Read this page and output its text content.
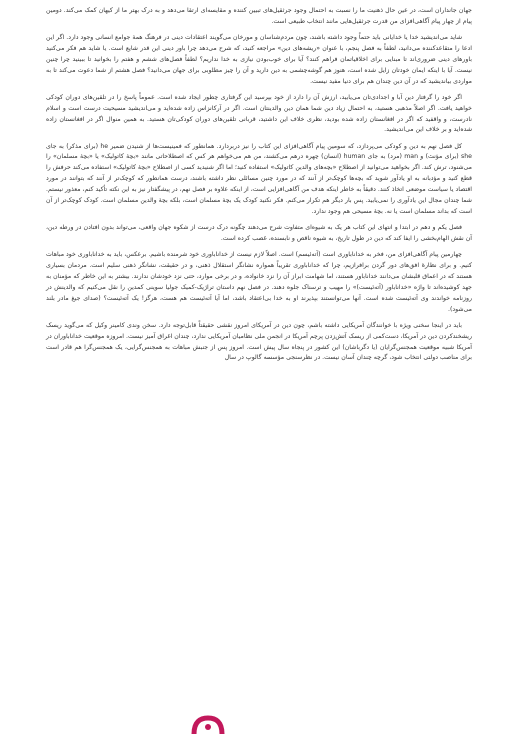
جهان جانداران است، در عین حال ذهنیت ما را نسبت به احتمال وجود جرثقیل‌های تبیین کننده و مقایسه‌ای ارتقا می‌دهد و به درک بهتر ما از کیهان کمک می‌کند. دومین پیام از چهار پیام آگاهی‌افزای من قدرت جرثقیل‌هایی مانند انتخاب طبیعی است.

شاید می‌اندیشید خدا یا خدایانی باید حتماً وجود داشته باشند، چون مردم‌شناسان و مورخان می‌گویند اعتقادات دینی در فرهنگ همهٔ جوامع انسانی وجود دارد. اگر این ادعا را متقاعدکننده می‌دانید، لطفاً به فصل پنجم، با عنوان «ریشه‌های دین» مراجعه کنید، که شرح می‌دهد چرا باور دینی این قدر شایع است. یا شاید هم فکر می‌کنید باورهای دینی ضروری‌اند تا مبنایی برای اخلاقیاتمان فراهم کنند؟ آیا برای خوب‌بودن نیازی به خدا نداریم؟ لطفاً فصل‌های ششم و هفتم را بخوانید تا ببینید چرا چنین نیست. آیا با اینکه ایمان خودتان زایل شده است، هنوز هم گوشه‌چشمی به دین دارید و آن را چیز مطلوبی برای جهان می‌دانید؟ فصل هشتم از شما دعوت می‌کند تا به مواردی بیاندیشید که در آن دین چندان هم برای دنیا مفید نیست.

اگر خود را گرفتار دین آبا و اجدادی‌تان می‌یابید، ارزش آن را دارد از خود بپرسید این گرفتاری چطور ایجاد شده است. عموماً پاسخ را در تلقین‌های دوران کودکی خواهید یافت. اگر اصلاً مذهبی هستید، به احتمال زیاد دین شما همان دین والدینتان است. اگر در آرکانزاس زاده شده‌اید و می‌اندیشید مسیحیت درست است و اسلام نادرست، و واقفید که اگر در افغانستان زاده شده بودید، نظری خلاف این داشتید، قربانی تلقین‌های دوران کودکی‌تان هستید. به همین منوال اگر در افغانستان زاده شده‌اید و بر خلاف این می‌اندیشید.

کل فصل نهم به دین و کودکی می‌پردازد، که سومین پیام آگاهی‌افزای این کتاب را نیز دربردارد. همانطور که فمینیست‌ها از شنیدن ضمیر he (برای مذکر) به جای she (برای مؤنث) و man (مرد) به جای human (انسان) چهره درهم می‌کشند، من هم می‌خواهم هر کس که اصطلاحاتی مانند «بچهٔ کاتولیک» یا «بچهٔ مسلمان» را می‌شنود، ترش کند. اگر بخواهید می‌توانید از اصطلاح «بچه‌های والدین کاتولیک» استفاده کنید؛ اما اگر شنیدید کسی از اصطلاح «بچهٔ کاتولیک» استفاده می‌کند حرفش را قطع کنید و مؤدبانه به او یادآور شوید که بچه‌ها کوچک‌تر از آنند که در مورد چنین مسائلی نظر داشته باشند، درست همانطور که کوچک‌تر از آنند که بتوانند در مورد اقتصاد یا سیاست موضعی اتخاذ کنند. دقیقاً به خاطر اینکه هدف من آگاهی‌افزایی است، از اینکه علاوه بر فصل نهم، در پیشگفتار نیز به این نکته تأکید کنم، معذور نیستم. شما چندان مجال این یادآوری را نمی‌یابید. پس بار دیگر هم تکرار می‌کنم. فکر نکنید کودک یک بچهٔ مسلمان است، بلکه بچهٔ والدین مسلمان است. کودک کوچک‌تر از آن است که بداند مسلمان است یا نه. بچهٔ مسیحی هم وجود ندارد.

فصل یکم و دهم در ابتدا و انتهای این کتاب هر یک به شیوه‌ای متفاوت شرح می‌دهند چگونه درک درست از شکوه جهان واقعی، می‌تواند بدون افتادن در ورطه دین، آن نقش الهام‌بخشی را ایفا کند که دین در طول تاریخ، به شیوه ناقص و نابسنده، غصب کرده است.

چهارمین پیام آگاهی‌افزای من، فخر به خداناباوری است (آته‌ئیسم) است. اصلاً لازم نیست از خداناباوری خود شرمنده باشیم. برعکس، باید به خداناباوری خود مباهات کنیم. و برای نظارهٔ افق‌های دور گردن برافرازیم، چرا که خداناباوری تقریباً همواره نشانگر استقلال ذهنی، و در حقیقت، نشانگر ذهنی سلیم است. مردمان بسیاری هستند که در اعماق قلبشان می‌دانند خداناباور هستند، اما شهامت ابراز آن را نزد خانواده، و در برخی موارد، حتی نزد خودشان ندارند. بیشتر به این خاطر که مؤمنان به جهد کوشیده‌اند تا واژه «خداناباور (آته‌ئیست)» را مهیب و ترسناک جلوه دهند. در فصل نهم داستان تراژیک-کمیک جولیا سوینی کمدین را نقل می‌کنیم که والدینش در روزنامه خواندند وی آته‌ئیست شده است. آنها می‌توانستند بپذیرند او به خدا بی‌اعتقاد باشد، اما آیا آته‌ئیست هم هست، هرگز! یک آته‌ئیست؟ (صدای جیغ مادر بلند می‌شود).

باید در اینجا سخنی ویژه با خوانندگان آمریکایی داشته باشم، چون دین در آمریکای امروز نقشی حقیقتاً قابل‌توجه دارد. سخن وندی کامینر وکیل که می‌گوید ریسک ریشخندکردن دین در آمریکا، دست‌کمی از ریسک آتش‌زدن پرچم آمریکا در انجمن ملی نظامیان آمریکایی ندارد، چندان اغراق آمیز نیست. امروزه موقعیت خداناباوران در آمریکا شبیه موقعیت همجنس‌گرایان (یا دگرباشان) این کشور در پنجاه سال پیش است. امروز پس از جنبش مباهات به همجنس‌گرایی، یک همجنس‌گرا هم قادر است برای مناصب دولتی انتخاب شود، گرچه چندان آسان نیست. در نظرسنجی مؤسسه گالوپ در سال
